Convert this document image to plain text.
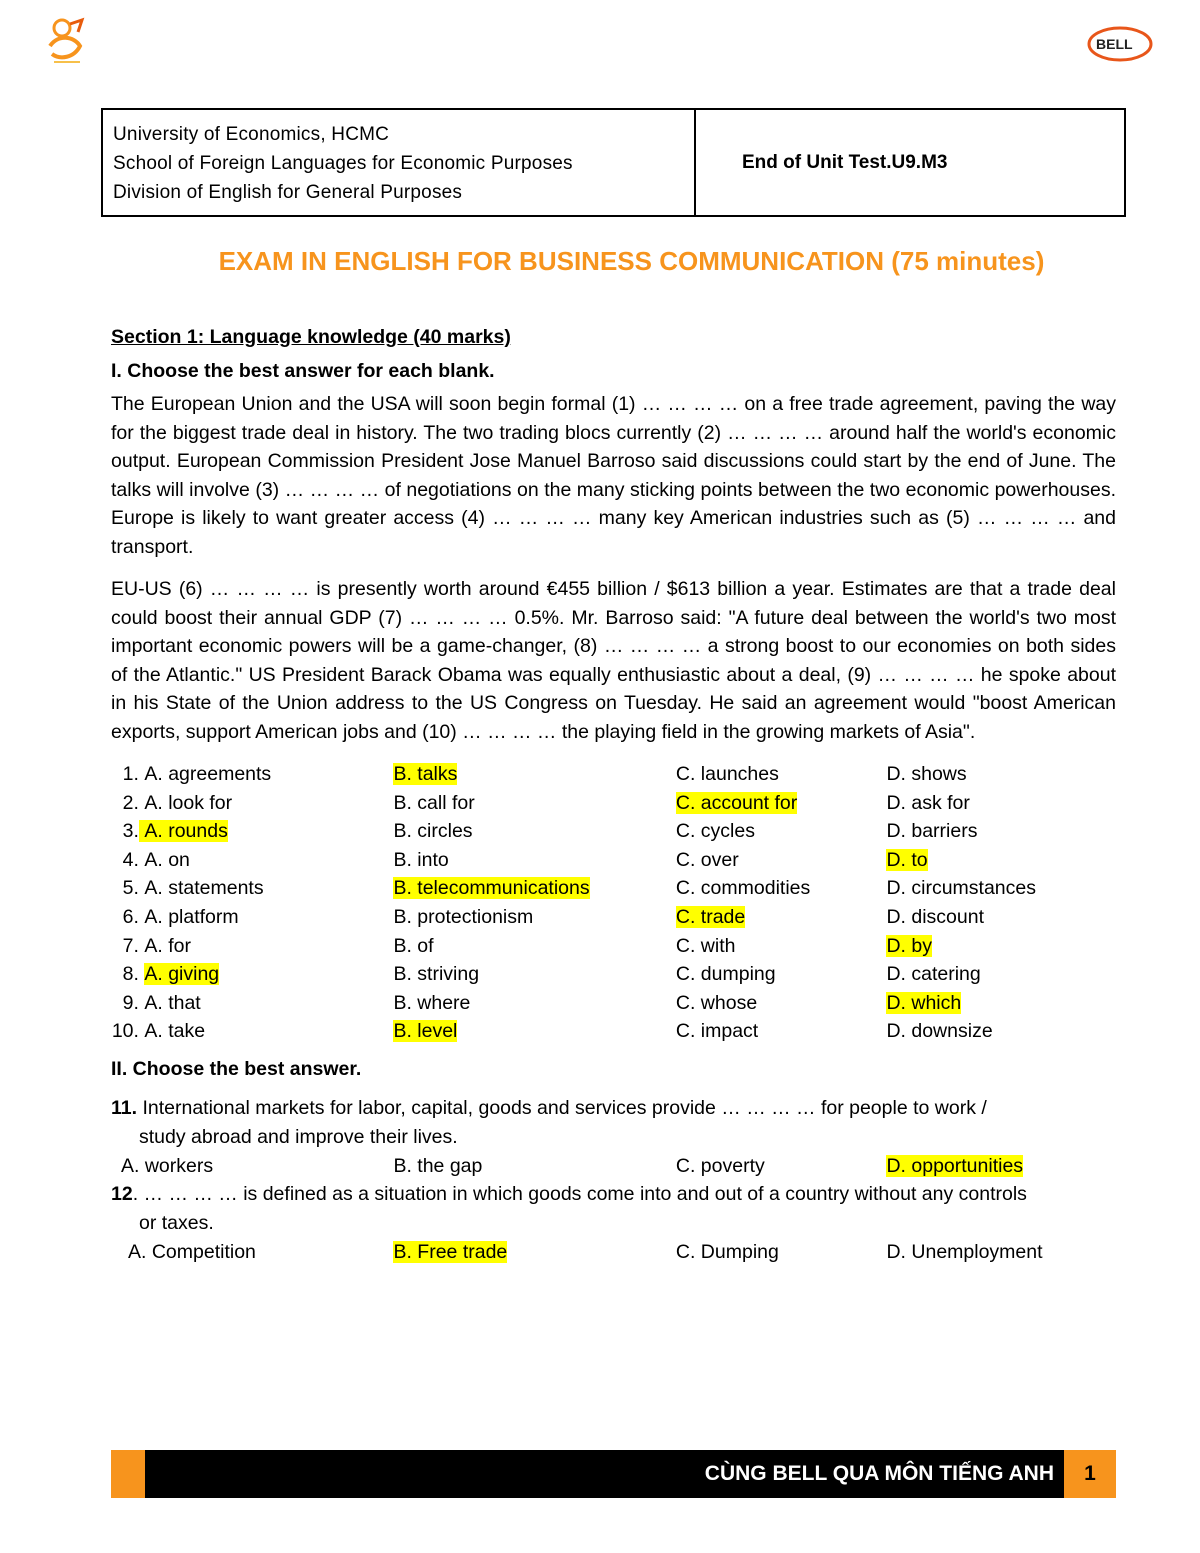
BELL
University of Economics, HCMC
School of Foreign Languages for Economic Purposes
Division of English for General Purposes
End of Unit Test.U9.M3
EXAM IN ENGLISH FOR BUSINESS COMMUNICATION (75 minutes)

Section 1: Language knowledge (40 marks)

I. Choose the best answer for each blank.

The European Union and the USA will soon begin formal (1) … … … … on a free trade agreement, paving the way for the biggest trade deal in history. The two trading blocs currently (2) … … … … around half the world's economic output. European Commission President Jose Manuel Barroso said discussions could start by the end of June. The talks will involve (3) … … … … of negotiations on the many sticking points between the two economic powerhouses. Europe is likely to want greater access (4) … … … … many key American industries such as (5) … … … … and transport.

EU-US (6) … … … … is presently worth around €455 billion / $613 billion a year. Estimates are that a trade deal could boost their annual GDP (7) … … … … 0.5%. Mr. Barroso said: "A future deal between the world's two most important economic powers will be a game-changer, (8) … … … … a strong boost to our economies on both sides of the Atlantic." US President Barack Obama was equally enthusiastic about a deal, (9) … … … … he spoke about in his State of the Union address to the US Congress on Tuesday. He said an agreement would "boost American exports, support American jobs and (10) … … … … the playing field in the growing markets of Asia".

1. A. agreements	B. talks	C. launches	D. shows
2. A. look for	B. call for	C. account for	D. ask for
3. A. rounds	B. circles	C. cycles	D. barriers
4. A. on	B. into	C. over	D. to
5. A. statements	B. telecommunications	C. commodities	D. circumstances
6. A. platform	B. protectionism	C. trade	D. discount
7. A. for	B. of	C. with	D. by
8. A. giving	B. striving	C. dumping	D. catering
9. A. that	B. where	C. whose	D. which
10. A. take	B. level	C. impact	D. downsize

II. Choose the best answer.

11. International markets for labor, capital, goods and services provide … … … … for people to work /

study abroad and improve their lives.

A. workers	B. the gap	C. poverty	D. opportunities

12. … … … … is defined as a situation in which goods come into and out of a country without any controls

or taxes.

A. Competition	B. Free trade	C. Dumping	D. Unemployment
CÙNG BELL QUA MÔN TIẾNG ANH	1
